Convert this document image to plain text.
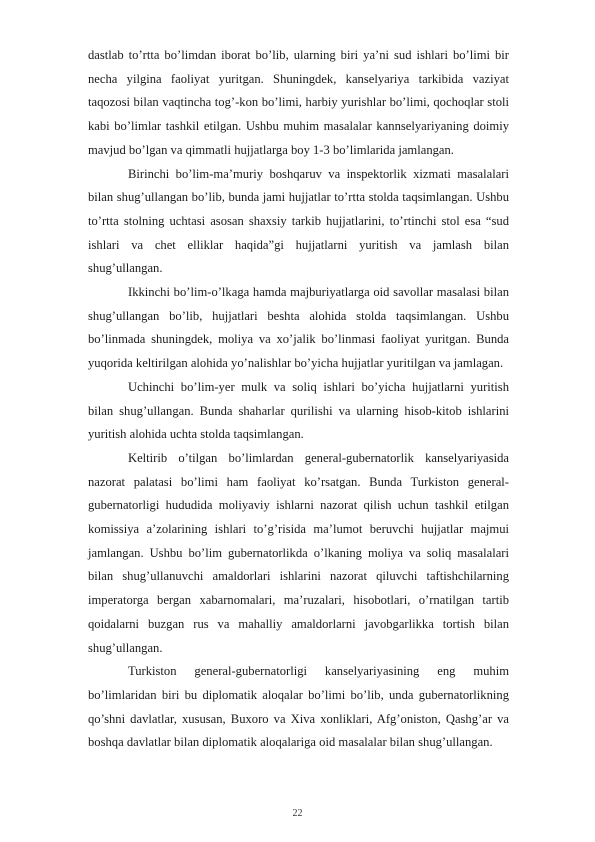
dastlab to’rtta bo’limdan iborat bo’lib, ularning biri ya’ni sud ishlari bo’limi bir necha yilgina faoliyat yuritgan. Shuningdek, kanselyariya tarkibida vaziyat taqozosi bilan vaqtincha tog’-kon bo’limi, harbiy yurishlar bo’limi, qochoqlar stoli kabi bo’limlar tashkil etilgan. Ushbu muhim masalalar kannselyariyaning doimiy mavjud bo’lgan va qimmatli hujjatlarga boy 1-3 bo’limlarida jamlangan.

Birinchi bo’lim-ma’muriy boshqaruv va inspektorlik xizmati masalalari bilan shug’ullangan bo’lib, bunda jami hujjatlar to’rtta stolda taqsimlangan. Ushbu to’rtta stolning uchtasi asosan shaxsiy tarkib hujjatlarini, to’rtinchi stol esa “sud ishlari va chet elliklar haqida”gi hujjatlarni yuritish va jamlash bilan shug’ullangan.

Ikkinchi bo’lim-o’lkaga hamda majburiyatlarga oid savollar masalasi bilan shug’ullangan bo’lib, hujjatlari beshta alohida stolda taqsimlangan. Ushbu bo’linmada shuningdek, moliya va xo’jalik bo’linmasi faoliyat yuritgan. Bunda yuqorida keltirilgan alohida yo’nalishlar bo’yicha hujjatlar yuritilgan va jamlagan.

Uchinchi bo’lim-yer mulk va soliq ishlari bo’yicha hujjatlarni yuritish bilan shug’ullangan. Bunda shaharlar qurilishi va ularning hisob-kitob ishlarini yuritish alohida uchta stolda taqsimlangan.

Keltirib o’tilgan bo’limlardan general-gubernatorlik kanselyariyasida nazorat palatasi bo’limi ham faoliyat ko’rsatgan. Bunda Turkiston general-gubernatorligi hududida moliyaviy ishlarni nazorat qilish uchun tashkil etilgan komissiya a’zolarining ishlari to’g’risida ma’lumot beruvchi hujjatlar majmui jamlangan. Ushbu bo’lim gubernatorlikda o’lkaning moliya va soliq masalalari bilan shug’ullanuvchi amaldorlari ishlarini nazorat qiluvchi taftishchilarning imperatorga bergan xabarnomalari, ma’ruzalari, hisobotlari, o’rnatilgan tartib qoidalarni buzgan rus va mahalliy amaldorlarni javobgarlikka tortish bilan shug’ullangan.

Turkiston general-gubernatorligi kanselyariyasining eng muhim bo’limlaridan biri bu diplomatik aloqalar bo’limi bo’lib, unda gubernatorlikning qo’shni davlatlar, xususan, Buxoro va Xiva xonliklari, Afg’oniston, Qashg’ar va boshqa davlatlar bilan diplomatik aloqalariga oid masalalar bilan shug’ullangan.

22
